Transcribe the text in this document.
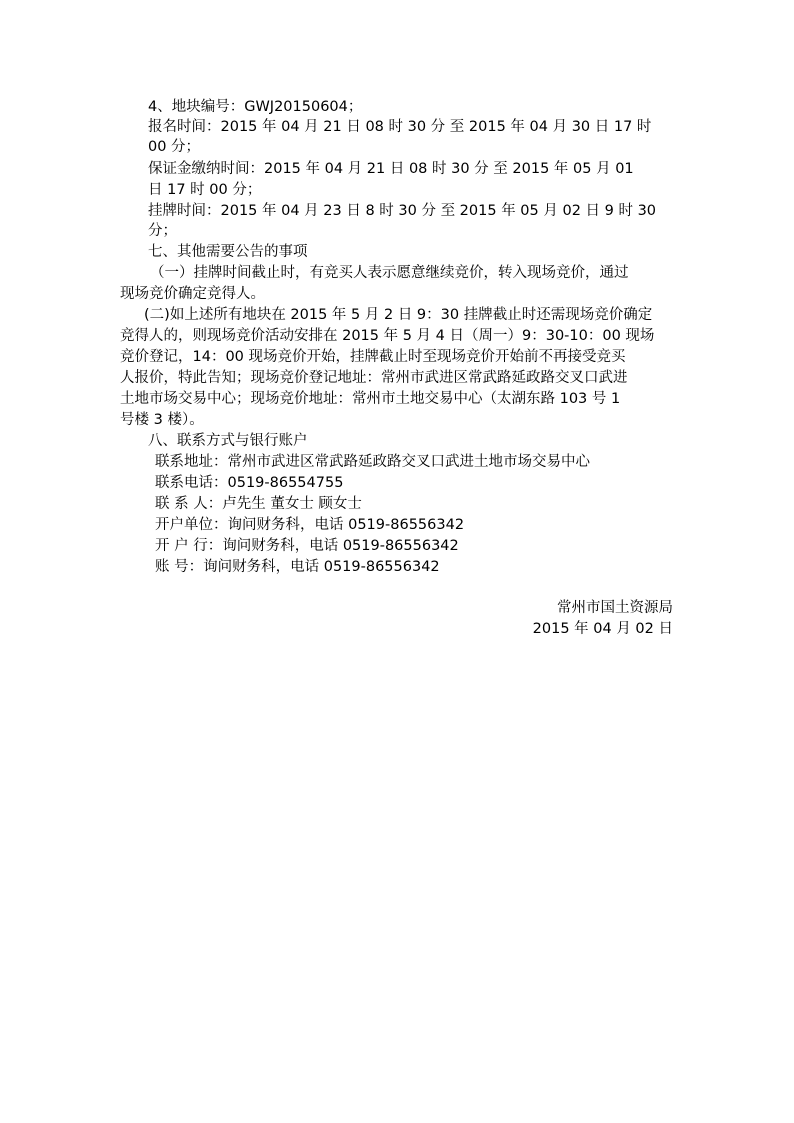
4、地块编号：GWJ20150604；
报名时间：2015 年 04 月 21 日 08 时 30 分 至 2015 年 04 月 30 日 17 时
00 分；
保证金缴纳时间：2015 年 04 月 21 日 08 时 30 分 至 2015 年 05 月 01
日 17 时 00 分；
挂牌时间：2015 年 04 月 23 日 8 时 30 分 至 2015 年 05 月 02 日 9 时 30
分；
七、其他需要公告的事项
（一）挂牌时间截止时，有竞买人表示愿意继续竞价，转入现场竞价，通过
现场竞价确定竞得人。
(二)如上述所有地块在 2015 年 5 月 2 日 9：30 挂牌截止时还需现场竞价确定
竞得人的，则现场竞价活动安排在 2015 年 5 月 4 日（周一）9：30-10：00 现场
竞价登记，14：00 现场竞价开始，挂牌截止时至现场竞价开始前不再接受竞买
人报价，特此告知；现场竞价登记地址：常州市武进区常武路延政路交叉口武进
土地市场交易中心；现场竞价地址：常州市土地交易中心（太湖东路 103 号 1
号楼 3 楼）。
八、联系方式与银行账户
联系地址：常州市武进区常武路延政路交叉口武进土地市场交易中心
联系电话：0519-86554755
联 系 人：卢先生 董女士 顾女士
开户单位：询问财务科，电话 0519-86556342
开 户 行：询问财务科，电话 0519-86556342
账 号：询问财务科，电话 0519-86556342
常州市国土资源局
2015 年 04 月 02 日
